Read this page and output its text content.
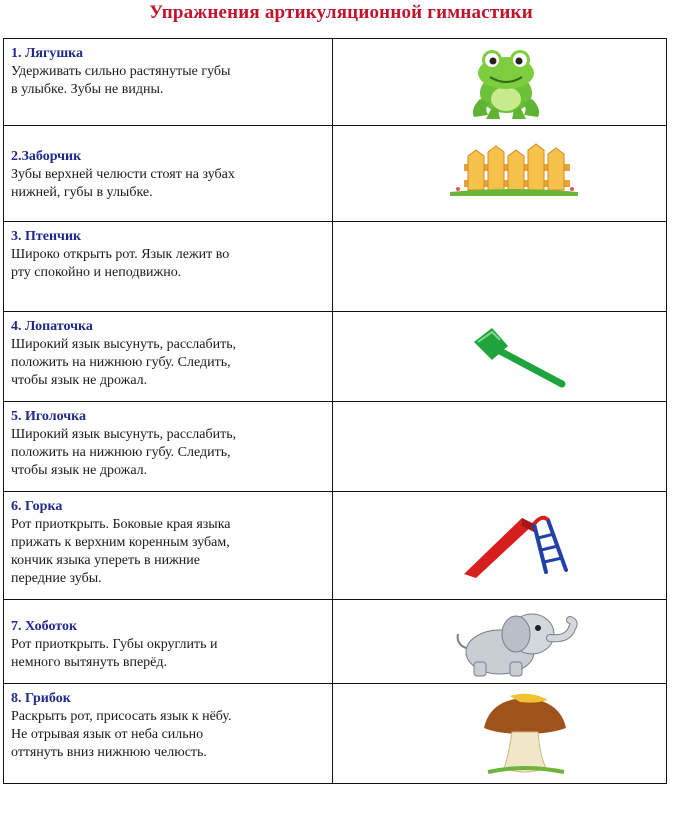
Упражнения артикуляционной гимнастики
1. Лягушка
Удерживать сильно растянутые губы
в улыбке. Зубы не видны.
2.Заборчик
Зубы верхней челюсти стоят на зубах
нижней, губы в улыбке.
3. Птенчик
Широко открыть рот. Язык лежит во
рту спокойно и неподвижно.
4. Лопаточка
Широкий язык высунуть, расслабить,
положить на нижнюю губу. Следить,
чтобы язык не дрожал.
5. Иголочка
Широкий язык высунуть, расслабить,
положить на нижнюю губу. Следить,
чтобы язык не дрожал.
6. Горка
Рот приоткрыть. Боковые края языка
прижать к верхним коренным зубам,
кончик языка упереть в нижние
передние зубы.
7. Хоботок
Рот приоткрыть. Губы округлить и
немного вытянуть вперёд.
8. Грибок
Раскрыть рот, присосать язык к нёбу.
Не отрывая язык от неба сильно
оттянуть вниз нижнюю челюсть.
